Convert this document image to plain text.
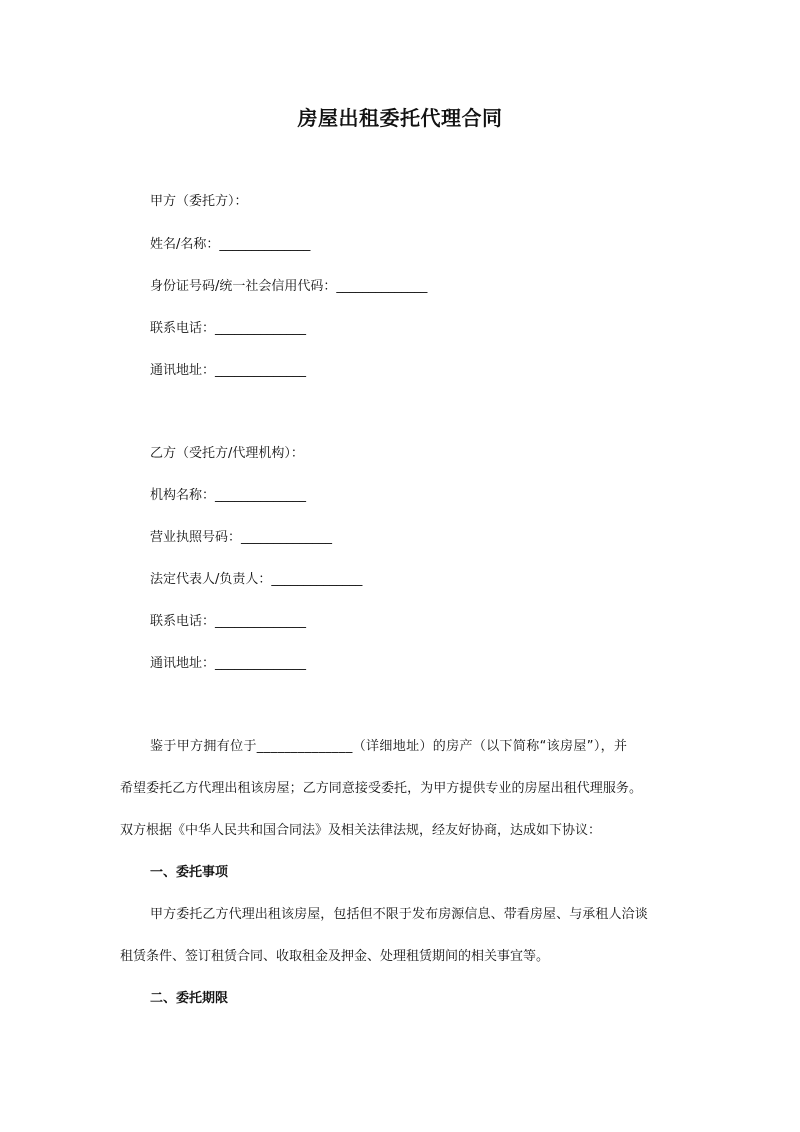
房屋出租委托代理合同
甲方（委托方）：
姓名/名称：______________
身份证号码/统一社会信用代码：______________
联系电话：______________
通讯地址：______________
乙方（受托方/代理机构）：
机构名称：______________
营业执照号码：______________
法定代表人/负责人：______________
联系电话：______________
通讯地址：______________
鉴于甲方拥有位于______________（详细地址）的房产（以下简称“该房屋”），并
希望委托乙方代理出租该房屋；乙方同意接受委托，为甲方提供专业的房屋出租代理服务。
双方根据《中华人民共和国合同法》及相关法律法规，经友好协商，达成如下协议：
一、委托事项
甲方委托乙方代理出租该房屋，包括但不限于发布房源信息、带看房屋、与承租人洽谈
租赁条件、签订租赁合同、收取租金及押金、处理租赁期间的相关事宜等。
二、委托期限
